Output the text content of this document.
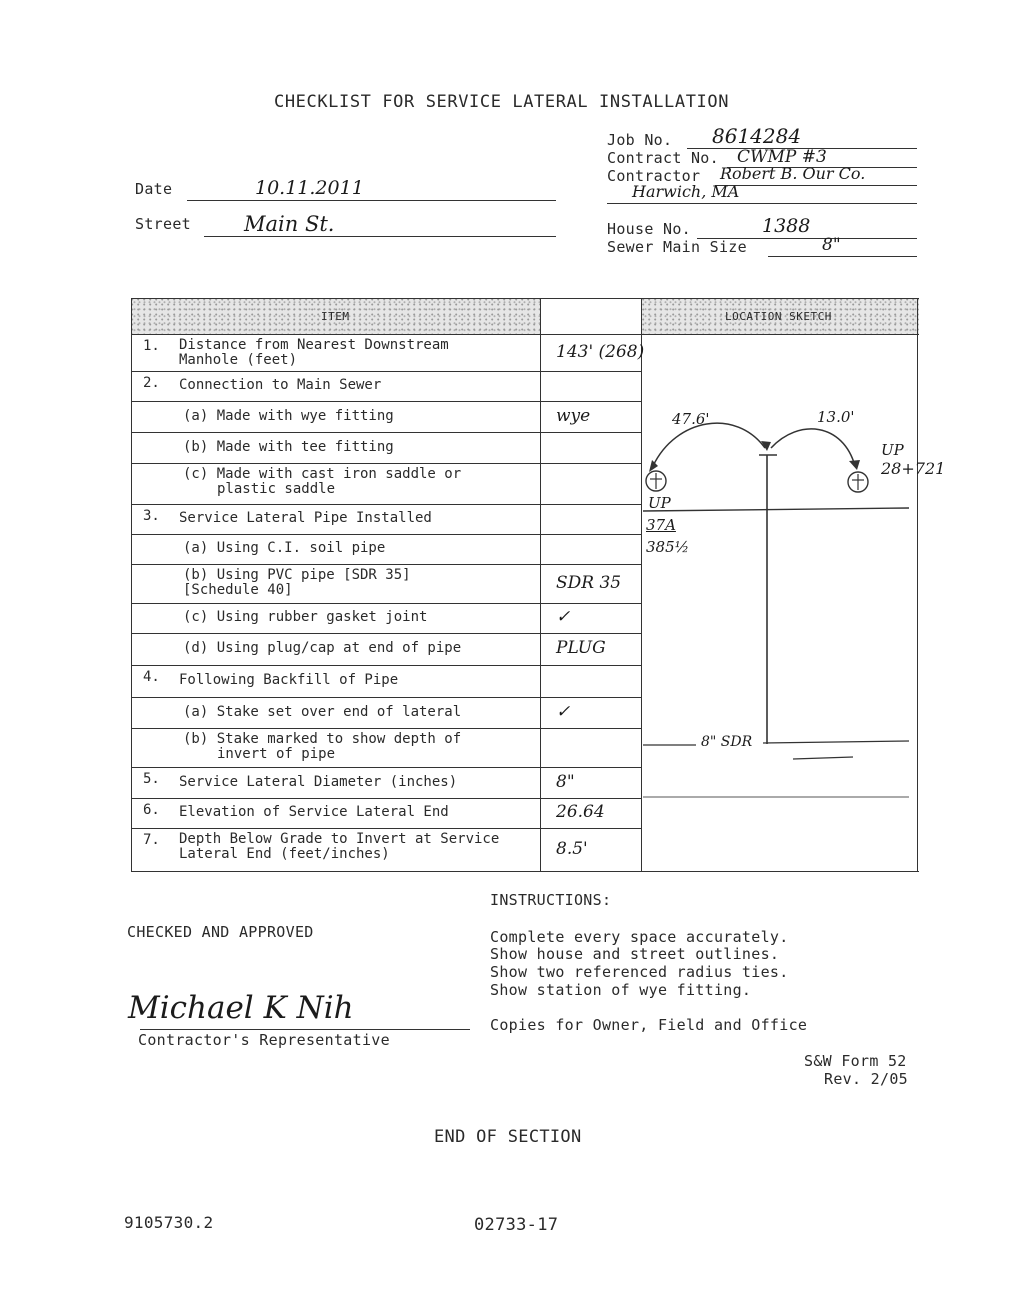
CHECKLIST FOR SERVICE LATERAL INSTALLATION
Job No. 8614284
Contract No. CWMP #3
Contractor Robert B. Our Co.
Harwich, MA
House No.	1388
Sewer Main Size	8"
Date	10.11.2011
Street	Main St.
ITEM	LOCATION SKETCH
1. Distance from Nearest Downstream
Manhole (feet)	143' (268)
2. Connection to Main Sewer
(a) Made with wye fitting	wye
(b) Made with tee fitting
(c) Made with cast iron saddle or
plastic saddle
3. Service Lateral Pipe Installed
(a) Using C.I. soil pipe
(b) Using PVC pipe [SDR 35]
[Schedule 40]	SDR 35
(c) Using rubber gasket joint	✓
(d) Using plug/cap at end of pipe	PLUG
4. Following Backfill of Pipe
(a) Stake set over end of lateral	✓
(b) Stake marked to show depth of
invert of pipe
5. Service Lateral Diameter (inches)	8"
6. Elevation of Service Lateral End	26.64
7. Depth Below Grade to Invert at Service
Lateral End (feet/inches)	8.5'
47.6'	13.0'
UP
37A
385½
UP
28+721
8" SDR
CHECKED AND APPROVED
Michael K Nih
Contractor's Representative
INSTRUCTIONS:
Complete every space accurately.
Show house and street outlines.
Show two referenced radius ties.
Show station of wye fitting.
Copies for Owner, Field and Office
S&W Form 52
Rev. 2/05
END OF SECTION
9105730.2	02733-17
